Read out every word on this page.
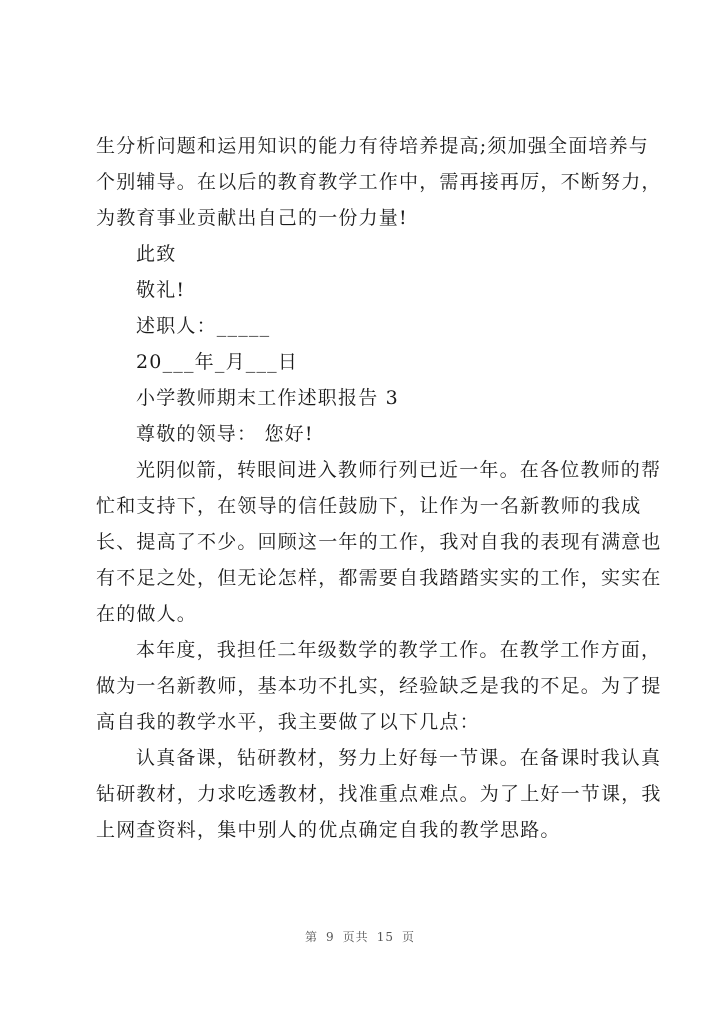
生分析问题和运用知识的能力有待培养提高;须加强全面培养与
个别辅导。在以后的教育教学工作中，需再接再厉，不断努力，
为教育事业贡献出自己的一份力量!
此致
敬礼!
述职人：_____
20___年_月___日
小学教师期末工作述职报告 3
尊敬的领导： 您好!
光阴似箭，转眼间进入教师行列已近一年。在各位教师的帮
忙和支持下，在领导的信任鼓励下，让作为一名新教师的我成
长、提高了不少。回顾这一年的工作，我对自我的表现有满意也
有不足之处，但无论怎样，都需要自我踏踏实实的工作，实实在
在的做人。
本年度，我担任二年级数学的教学工作。在教学工作方面，
做为一名新教师，基本功不扎实，经验缺乏是我的不足。为了提
高自我的教学水平，我主要做了以下几点：
认真备课，钻研教材，努力上好每一节课。在备课时我认真
钻研教材，力求吃透教材，找准重点难点。为了上好一节课，我
上网查资料，集中别人的优点确定自我的教学思路。
第 9 页共 15 页
